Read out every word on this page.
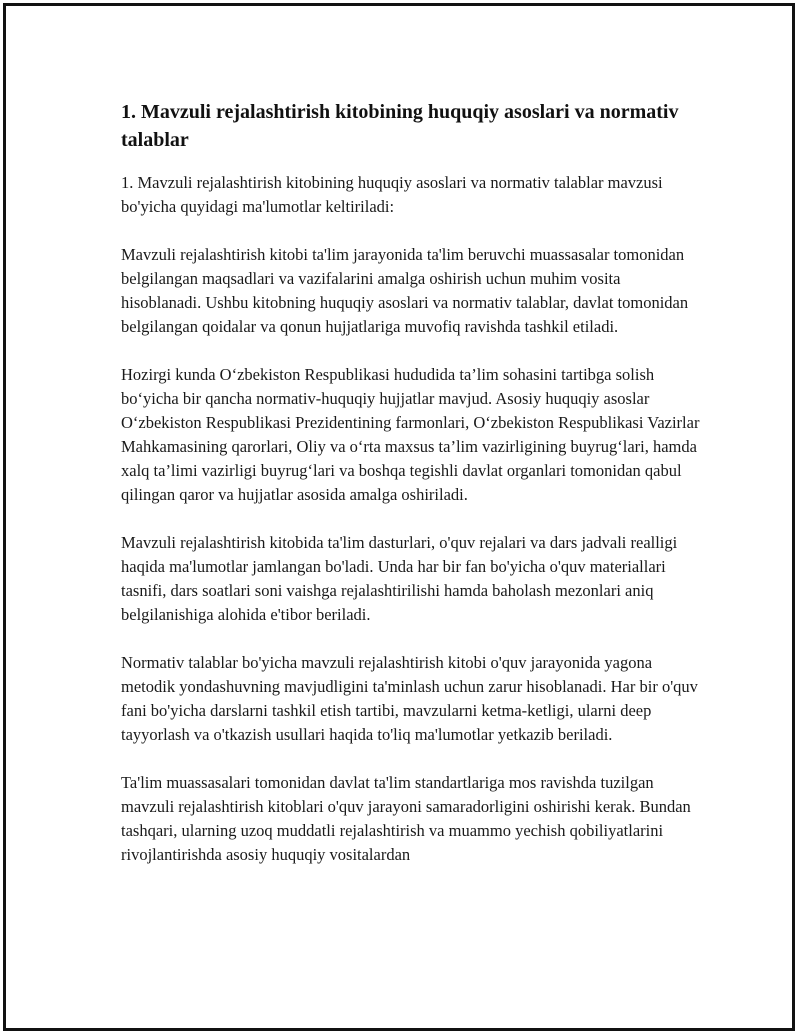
1. Mavzuli rejalashtirish kitobining huquqiy asoslari va normativ talablar

1. Mavzuli rejalashtirish kitobining huquqiy asoslari va normativ talablar mavzusi bo'yicha quyidagi ma'lumotlar keltiriladi:

Mavzuli rejalashtirish kitobi ta'lim jarayonida ta'lim beruvchi muassasalar tomonidan belgilangan maqsadlari va vazifalarini amalga oshirish uchun muhim vosita hisoblanadi. Ushbu kitobning huquqiy asoslari va normativ talablar, davlat tomonidan belgilangan qoidalar va qonun hujjatlariga muvofiq ravishda tashkil etiladi.

Hozirgi kunda O‘zbekiston Respublikasi hududida ta’lim sohasini tartibga solish bo‘yicha bir qancha normativ-huquqiy hujjatlar mavjud. Asosiy huquqiy asoslar O‘zbekiston Respublikasi Prezidentining farmonlari, O‘zbekiston Respublikasi Vazirlar Mahkamasining qarorlari, Oliy va o‘rta maxsus ta’lim vazirligining buyrug‘lari, hamda xalq ta’limi vazirligi buyrug‘lari va boshqa tegishli davlat organlari tomonidan qabul qilingan qaror va hujjatlar asosida amalga oshiriladi.

Mavzuli rejalashtirish kitobida ta'lim dasturlari, o'quv rejalari va dars jadvali realligi haqida ma'lumotlar jamlangan bo'ladi. Unda har bir fan bo'yicha o'quv materiallari tasnifi, dars soatlari soni vaishga rejalashtirilishi hamda baholash mezonlari aniq belgilanishiga alohida e'tibor beriladi.

Normativ talablar bo'yicha mavzuli rejalashtirish kitobi o'quv jarayonida yagona metodik yondashuvning mavjudligini ta'minlash uchun zarur hisoblanadi. Har bir o'quv fani bo'yicha darslarni tashkil etish tartibi, mavzularni ketma-ketligi, ularni deep tayyorlash va o'tkazish usullari haqida to'liq ma'lumotlar yetkazib beriladi.

Ta'lim muassasalari tomonidan davlat ta'lim standartlariga mos ravishda tuzilgan mavzuli rejalashtirish kitoblari o'quv jarayoni samaradorligini oshirishi kerak. Bundan tashqari, ularning uzoq muddatli rejalashtirish va muammo yechish qobiliyatlarini rivojlantirishda asosiy huquqiy vositalardan
